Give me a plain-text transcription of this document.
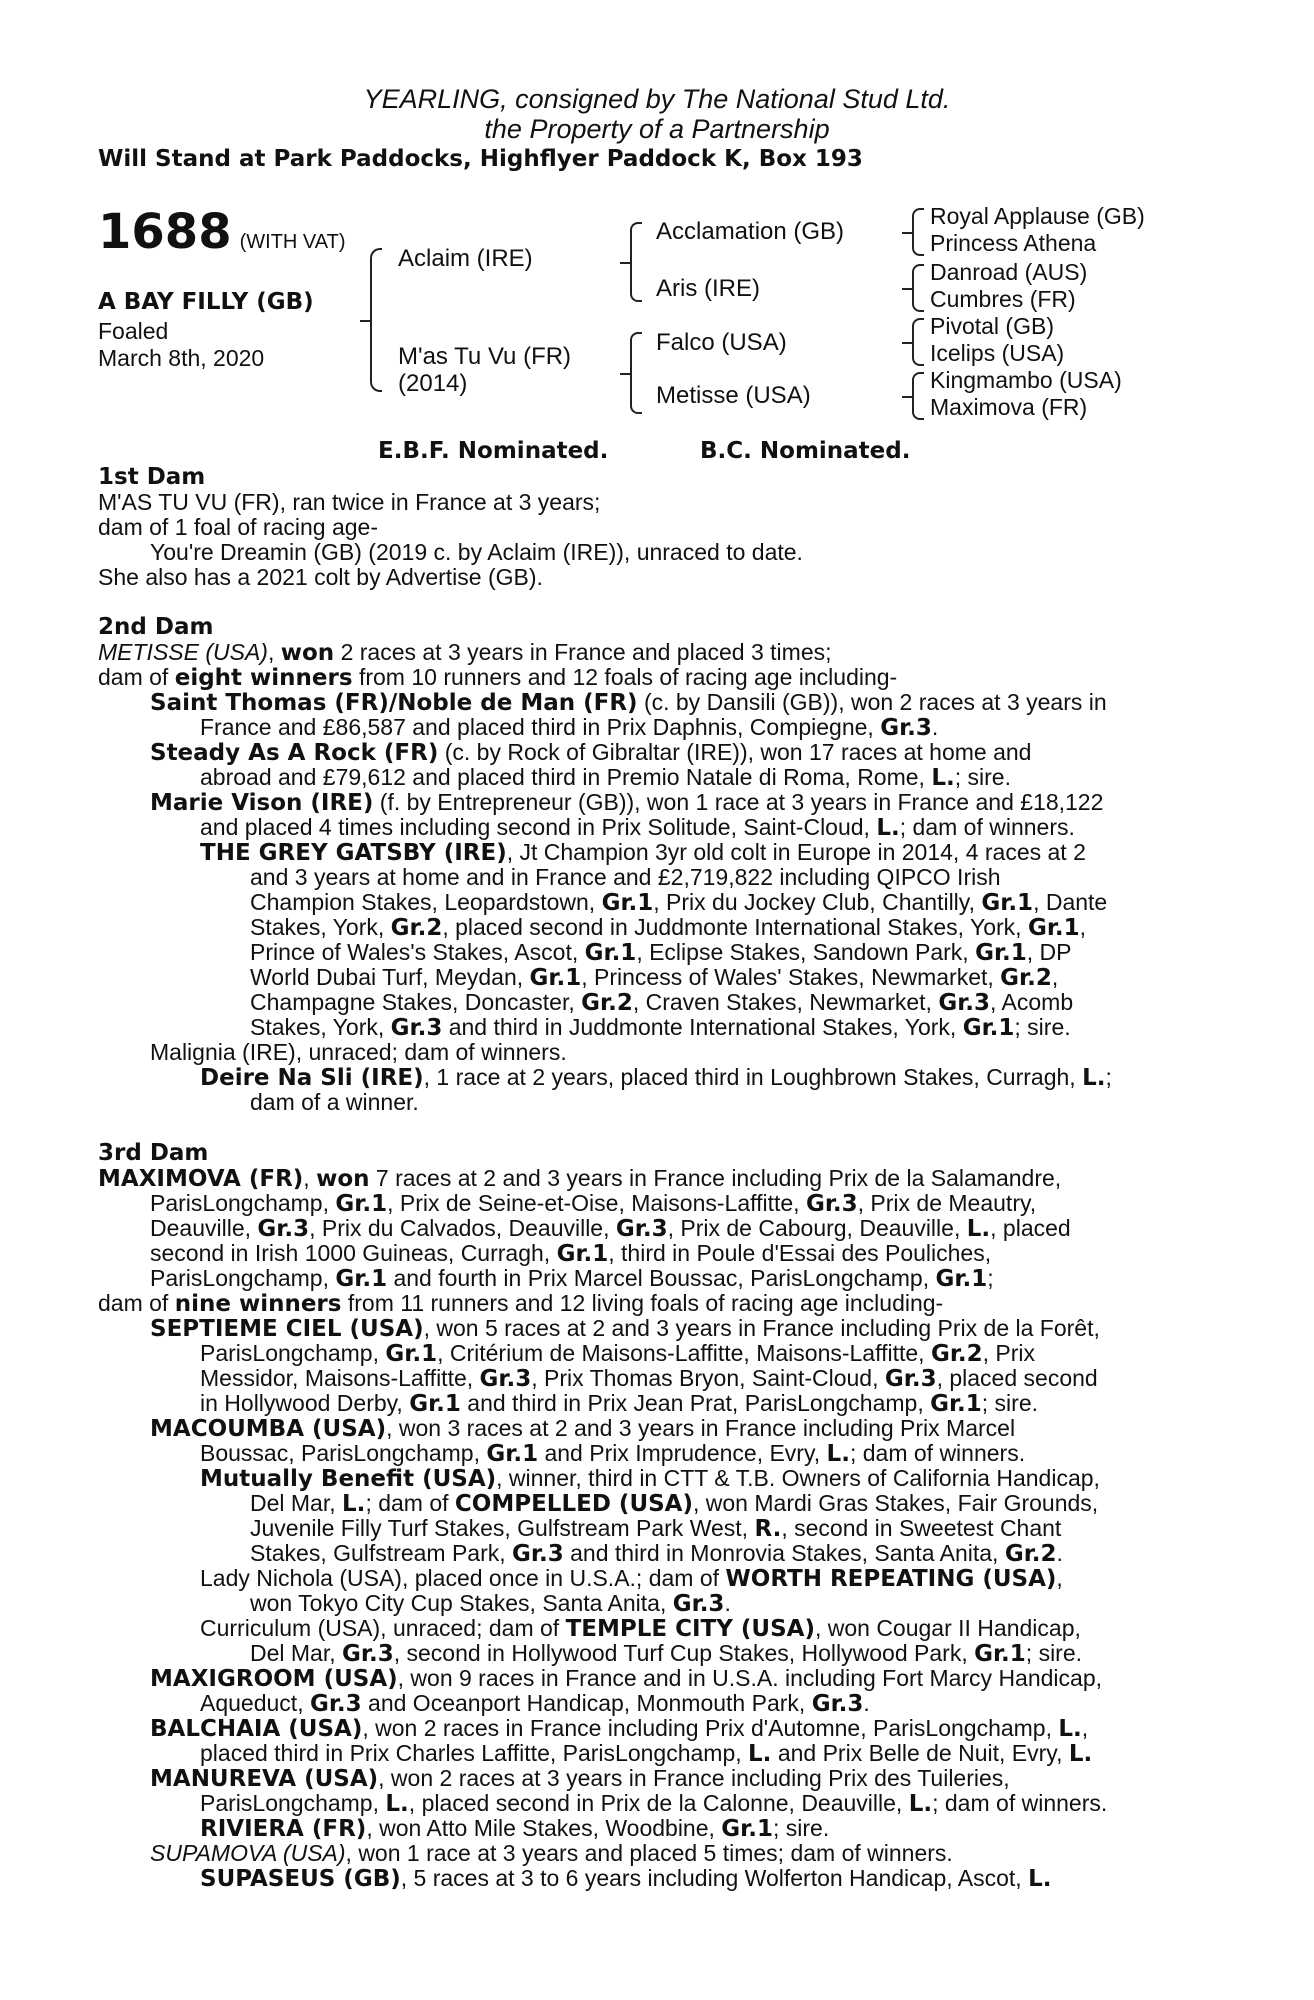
YEARLING, consigned by The National Stud Ltd.
the Property of a Partnership
Will Stand at Park Paddocks, Highflyer Paddock K, Box 193
1688 (WITH VAT)
A BAY FILLY (GB)
Foaled
March 8th, 2020
Aclaim (IRE)
M'as Tu Vu (FR)
(2014)
Acclamation (GB)
Aris (IRE)
Falco (USA)
Metisse (USA)
Royal Applause (GB)
Princess Athena
Danroad (AUS)
Cumbres (FR)
Pivotal (GB)
Icelips (USA)
Kingmambo (USA)
Maximova (FR)
E.B.F. Nominated.	B.C. Nominated.
1st Dam
M'AS TU VU (FR), ran twice in France at 3 years;
dam of 1 foal of racing age-
You're Dreamin (GB) (2019 c. by Aclaim (IRE)), unraced to date.
She also has a 2021 colt by Advertise (GB).
2nd Dam
METISSE (USA), won 2 races at 3 years in France and placed 3 times;
dam of eight winners from 10 runners and 12 foals of racing age including-
Saint Thomas (FR)/Noble de Man (FR) (c. by Dansili (GB)), won 2 races at 3 years in
France and £86,587 and placed third in Prix Daphnis, Compiegne, Gr.3.
Steady As A Rock (FR) (c. by Rock of Gibraltar (IRE)), won 17 races at home and
abroad and £79,612 and placed third in Premio Natale di Roma, Rome, L.; sire.
Marie Vison (IRE) (f. by Entrepreneur (GB)), won 1 race at 3 years in France and £18,122
and placed 4 times including second in Prix Solitude, Saint-Cloud, L.; dam of winners.
THE GREY GATSBY (IRE), Jt Champion 3yr old colt in Europe in 2014, 4 races at 2
and 3 years at home and in France and £2,719,822 including QIPCO Irish
Champion Stakes, Leopardstown, Gr.1, Prix du Jockey Club, Chantilly, Gr.1, Dante
Stakes, York, Gr.2, placed second in Juddmonte International Stakes, York, Gr.1,
Prince of Wales's Stakes, Ascot, Gr.1, Eclipse Stakes, Sandown Park, Gr.1, DP
World Dubai Turf, Meydan, Gr.1, Princess of Wales' Stakes, Newmarket, Gr.2,
Champagne Stakes, Doncaster, Gr.2, Craven Stakes, Newmarket, Gr.3, Acomb
Stakes, York, Gr.3 and third in Juddmonte International Stakes, York, Gr.1; sire.
Malignia (IRE), unraced; dam of winners.
Deire Na Sli (IRE), 1 race at 2 years, placed third in Loughbrown Stakes, Curragh, L.;
dam of a winner.
3rd Dam
MAXIMOVA (FR), won 7 races at 2 and 3 years in France including Prix de la Salamandre,
ParisLongchamp, Gr.1, Prix de Seine-et-Oise, Maisons-Laffitte, Gr.3, Prix de Meautry,
Deauville, Gr.3, Prix du Calvados, Deauville, Gr.3, Prix de Cabourg, Deauville, L., placed
second in Irish 1000 Guineas, Curragh, Gr.1, third in Poule d'Essai des Pouliches,
ParisLongchamp, Gr.1 and fourth in Prix Marcel Boussac, ParisLongchamp, Gr.1;
dam of nine winners from 11 runners and 12 living foals of racing age including-
SEPTIEME CIEL (USA), won 5 races at 2 and 3 years in France including Prix de la Forêt,
ParisLongchamp, Gr.1, Critérium de Maisons-Laffitte, Maisons-Laffitte, Gr.2, Prix
Messidor, Maisons-Laffitte, Gr.3, Prix Thomas Bryon, Saint-Cloud, Gr.3, placed second
in Hollywood Derby, Gr.1 and third in Prix Jean Prat, ParisLongchamp, Gr.1; sire.
MACOUMBA (USA), won 3 races at 2 and 3 years in France including Prix Marcel
Boussac, ParisLongchamp, Gr.1 and Prix Imprudence, Evry, L.; dam of winners.
Mutually Benefit (USA), winner, third in CTT & T.B. Owners of California Handicap,
Del Mar, L.; dam of COMPELLED (USA), won Mardi Gras Stakes, Fair Grounds,
Juvenile Filly Turf Stakes, Gulfstream Park West, R., second in Sweetest Chant
Stakes, Gulfstream Park, Gr.3 and third in Monrovia Stakes, Santa Anita, Gr.2.
Lady Nichola (USA), placed once in U.S.A.; dam of WORTH REPEATING (USA),
won Tokyo City Cup Stakes, Santa Anita, Gr.3.
Curriculum (USA), unraced; dam of TEMPLE CITY (USA), won Cougar II Handicap,
Del Mar, Gr.3, second in Hollywood Turf Cup Stakes, Hollywood Park, Gr.1; sire.
MAXIGROOM (USA), won 9 races in France and in U.S.A. including Fort Marcy Handicap,
Aqueduct, Gr.3 and Oceanport Handicap, Monmouth Park, Gr.3.
BALCHAIA (USA), won 2 races in France including Prix d'Automne, ParisLongchamp, L.,
placed third in Prix Charles Laffitte, ParisLongchamp, L. and Prix Belle de Nuit, Evry, L.
MANUREVA (USA), won 2 races at 3 years in France including Prix des Tuileries,
ParisLongchamp, L., placed second in Prix de la Calonne, Deauville, L.; dam of winners.
RIVIERA (FR), won Atto Mile Stakes, Woodbine, Gr.1; sire.
SUPAMOVA (USA), won 1 race at 3 years and placed 5 times; dam of winners.
SUPASEUS (GB), 5 races at 3 to 6 years including Wolferton Handicap, Ascot, L.
